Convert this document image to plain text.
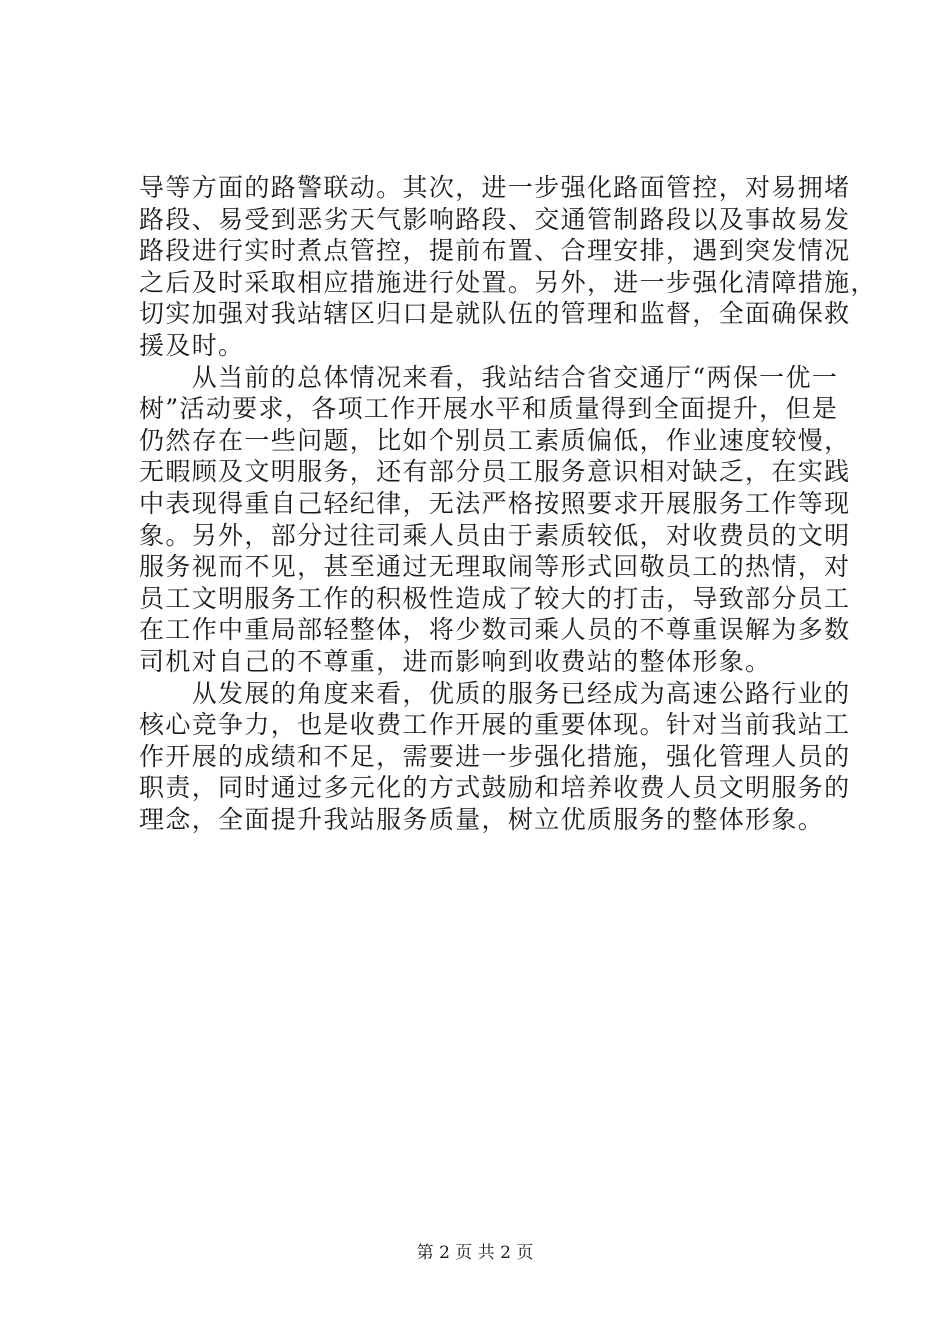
导等方面的路警联动。其次，进一步强化路面管控，对易拥堵
路段、易受到恶劣天气影响路段、交通管制路段以及事故易发
路段进行实时煮点管控，提前布置、合理安排，遇到突发情况
之后及时采取相应措施进行处置。另外，进一步强化清障措施，
切实加强对我站辖区归口是就队伍的管理和监督，全面确保救
援及时。
　　从当前的总体情况来看，我站结合省交通厅“两保一优一
树”活动要求，各项工作开展水平和质量得到全面提升，但是
仍然存在一些问题，比如个别员工素质偏低，作业速度较慢，
无暇顾及文明服务，还有部分员工服务意识相对缺乏，在实践
中表现得重自己轻纪律，无法严格按照要求开展服务工作等现
象。另外，部分过往司乘人员由于素质较低，对收费员的文明
服务视而不见，甚至通过无理取闹等形式回敬员工的热情，对
员工文明服务工作的积极性造成了较大的打击，导致部分员工
在工作中重局部轻整体，将少数司乘人员的不尊重误解为多数
司机对自己的不尊重，进而影响到收费站的整体形象。
　　从发展的角度来看，优质的服务已经成为高速公路行业的
核心竞争力，也是收费工作开展的重要体现。针对当前我站工
作开展的成绩和不足，需要进一步强化措施，强化管理人员的
职责，同时通过多元化的方式鼓励和培养收费人员文明服务的
理念，全面提升我站服务质量，树立优质服务的整体形象。
第 2 页 共 2 页
